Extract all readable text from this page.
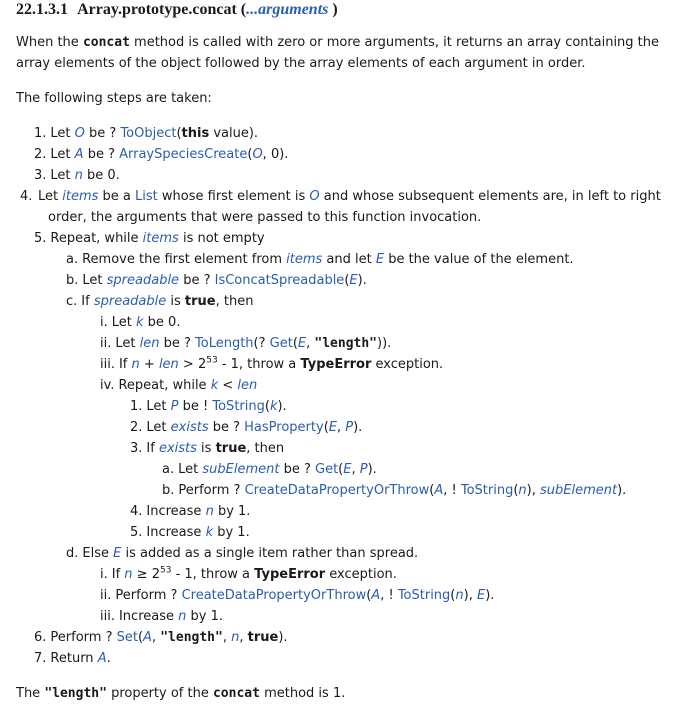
22.1.3.1 Array.prototype.concat (...arguments )

When the concat method is called with zero or more arguments, it returns an array containing the array elements of the object followed by the array elements of each argument in order.

The following steps are taken:

1. Let O be ? ToObject(this value).
2. Let A be ? ArraySpeciesCreate(O, 0).
3. Let n be 0.
4. Let items be a List whose first element is O and whose subsequent elements are, in left to right order, the arguments that were passed to this function invocation.
5. Repeat, while items is not empty
a. Remove the first element from items and let E be the value of the element.
b. Let spreadable be ? IsConcatSpreadable(E).
c. If spreadable is true, then
i. Let k be 0.
ii. Let len be ? ToLength(? Get(E, "length")).
iii. If n + len > $2^{53} - 1$, throw a TypeError exception.
iv. Repeat, while k < len
1. Let P be ! ToString(k).
2. Let exists be ? HasProperty(E, P).
3. If exists is true, then
a. Let subElement be ? Get(E, P).
b. Perform ? CreateDataPropertyOrThrow(A, ! ToString(n), subElement).
4. Increase n by 1.
5. Increase k by 1.
d. Else E is added as a single item rather than spread.
i. If $n \ge 2^{53} - 1$, throw a TypeError exception.
ii. Perform ? CreateDataPropertyOrThrow(A, ! ToString(n), E).
iii. Increase n by 1.
6. Perform ? Set(A, "length", n, true).
7. Return A.

The "length" property of the concat method is 1.
